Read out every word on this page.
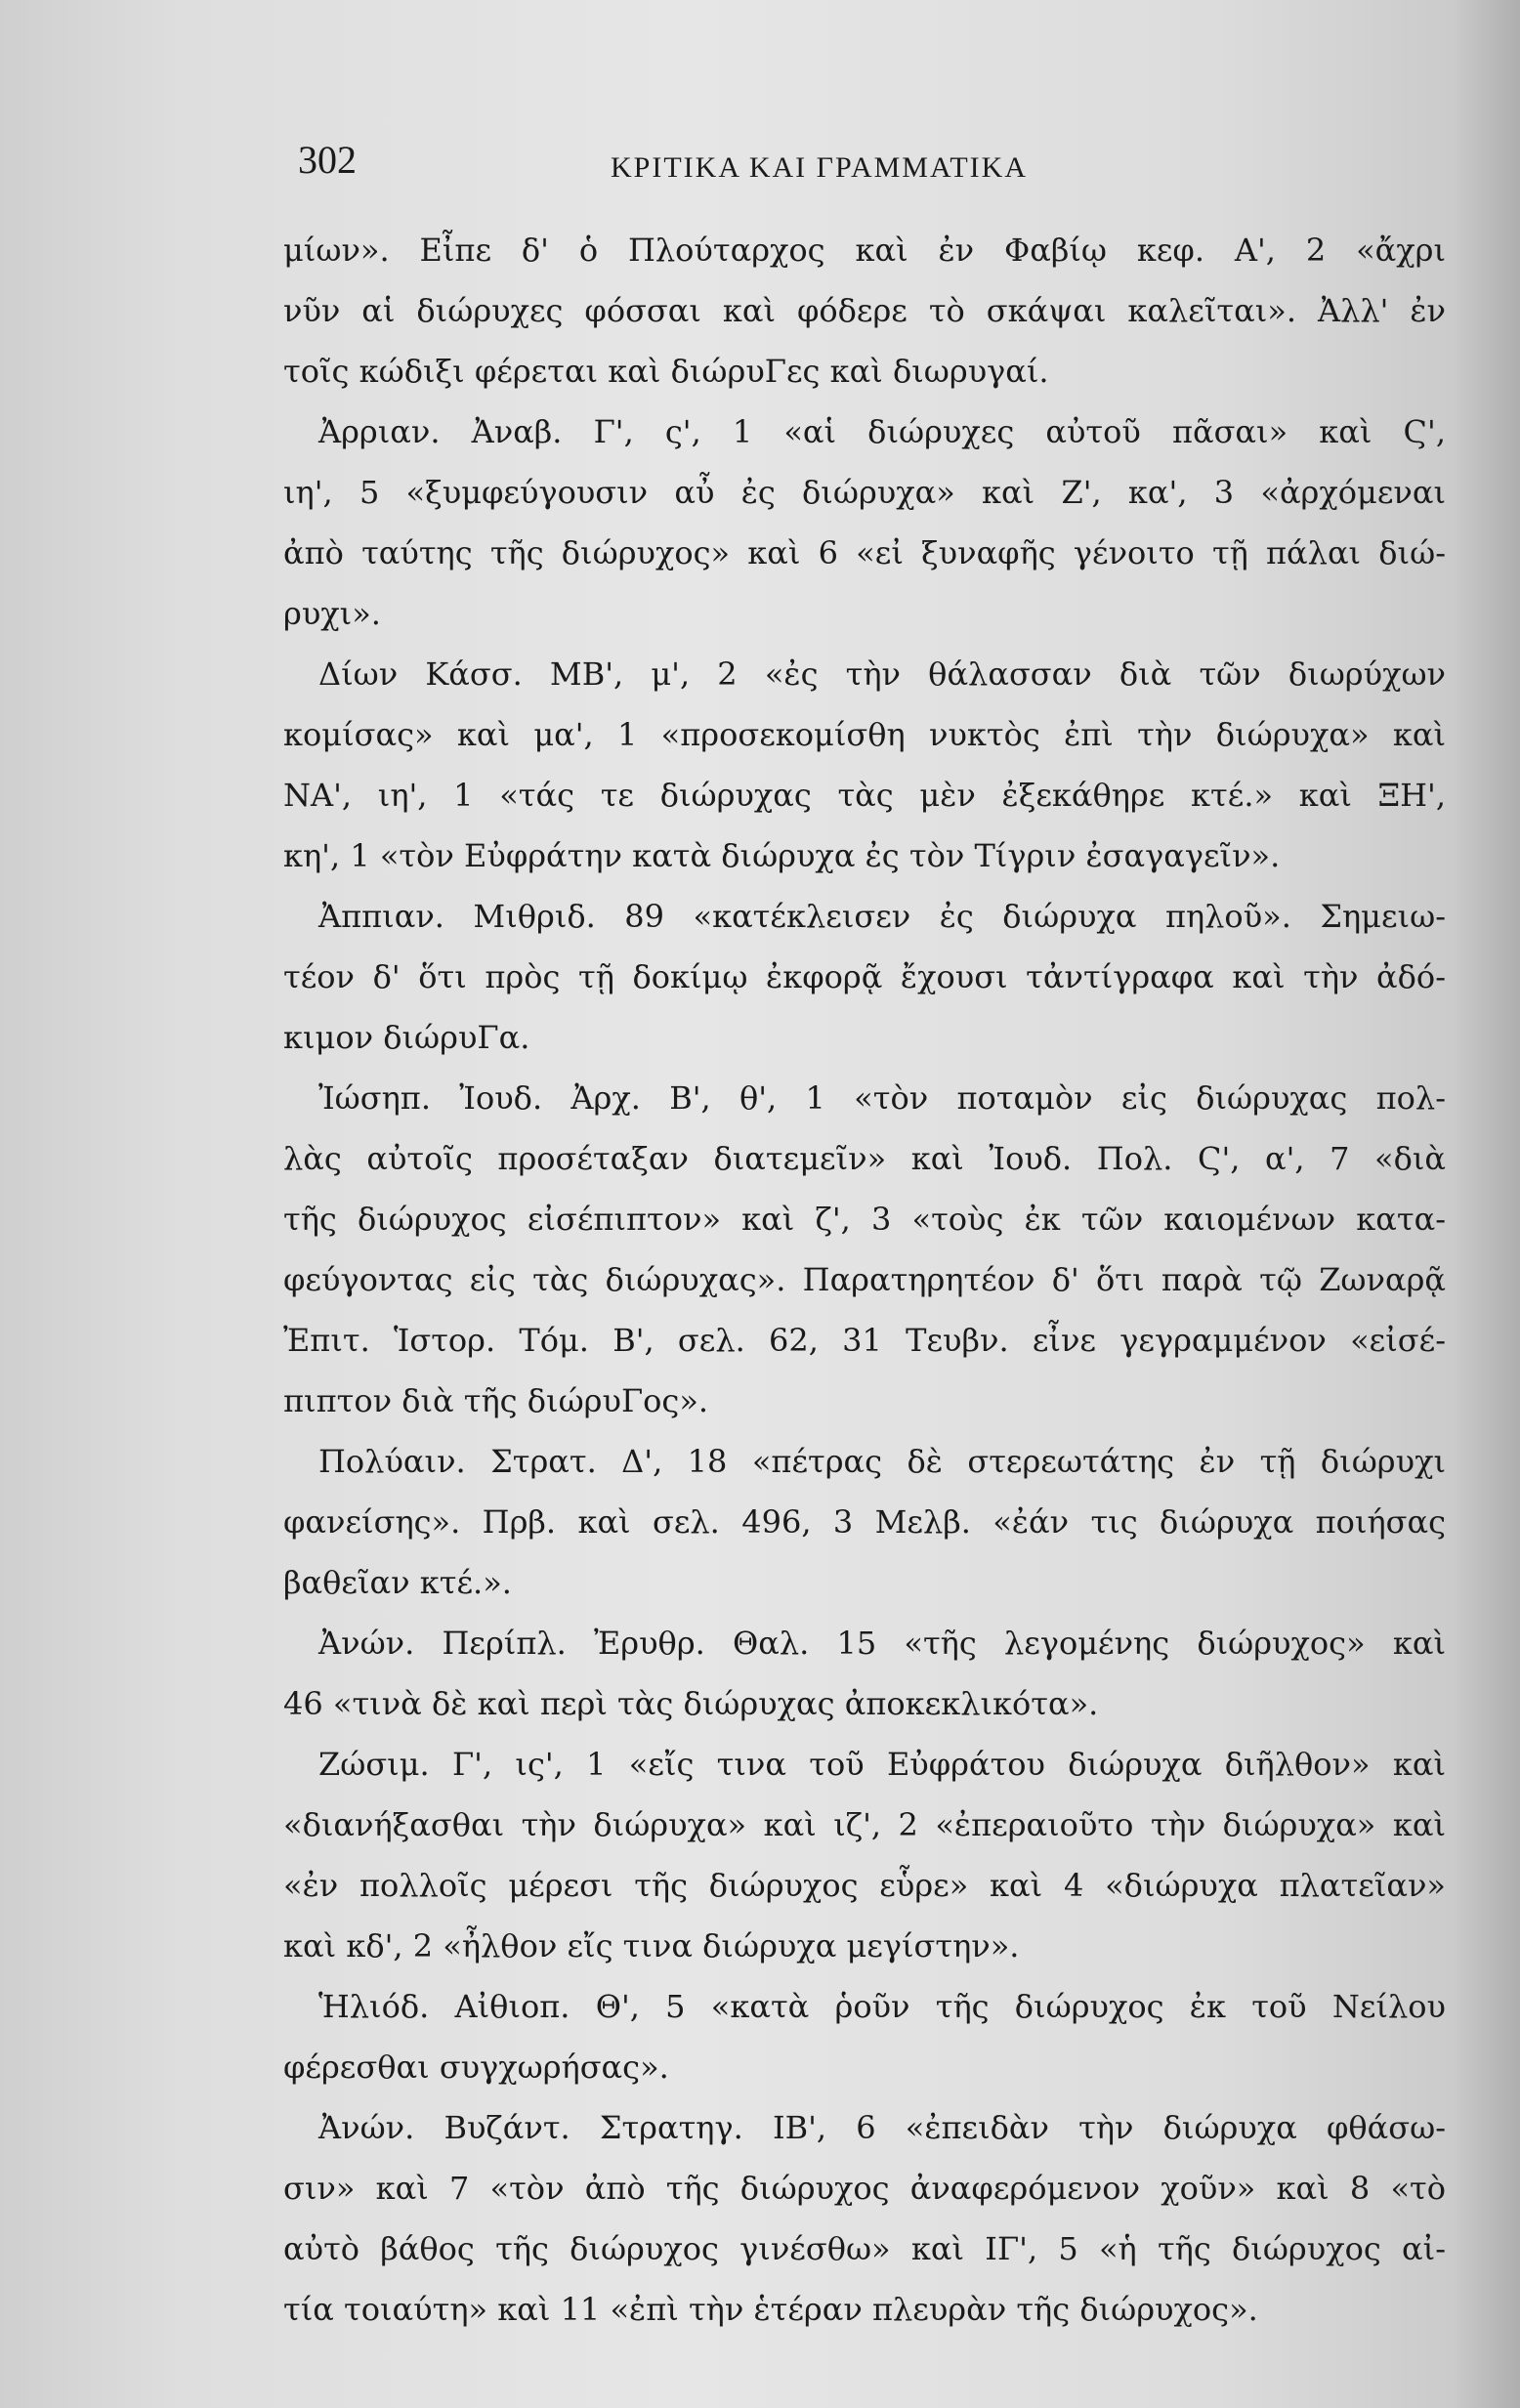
302	ΚΡΙΤΙΚΑ ΚΑΙ ΓΡΑΜΜΑΤΙΚΑ
μίων». Εἶπε δ' ὁ Πλούταρχος καὶ ἐν Φαβίῳ κεφ. Α', 2 «ἄχρι
νῦν αἱ διώρυχες φόσσαι καὶ φόδερε τὸ σκάψαι καλεῖται». Ἀλλ' ἐν
τοῖς κώδιξι φέρεται καὶ διώρυΓες καὶ διωρυγαί.
Ἀρριαν. Ἀναβ. Γ', ς', 1 «αἱ διώρυχες αὐτοῦ πᾶσαι» καὶ Ϛ',
ιη', 5 «ξυμφεύγουσιν αὖ ἐς διώρυχα» καὶ Ζ', κα', 3 «ἀρχόμεναι
ἀπὸ ταύτης τῆς διώρυχος» καὶ 6 «εἰ ξυναφῆς γένοιτο τῇ πάλαι διώ-
ρυχι».
Δίων Κάσσ. ΜΒ', μ', 2 «ἐς τὴν θάλασσαν διὰ τῶν διωρύχων
κομίσας» καὶ μα', 1 «προσεκομίσθη νυκτὸς ἐπὶ τὴν διώρυχα» καὶ
ΝΑ', ιη', 1 «τάς τε διώρυχας τὰς μὲν ἐξεκάθηρε κτέ.» καὶ ΞΗ',
κη', 1 «τὸν Εὐφράτην κατὰ διώρυχα ἐς τὸν Τίγριν ἐσαγαγεῖν».
Ἀππιαν. Μιθριδ. 89 «κατέκλεισεν ἐς διώρυχα πηλοῦ». Σημειω-
τέον δ' ὅτι πρὸς τῇ δοκίμῳ ἐκφορᾷ ἔχουσι τἀντίγραφα καὶ τὴν ἀδό-
κιμον διώρυΓα.
Ἰώσηπ. Ἰουδ. Ἀρχ. Β', θ', 1 «τὸν ποταμὸν εἰς διώρυχας πολ-
λὰς αὐτοῖς προσέταξαν διατεμεῖν» καὶ Ἰουδ. Πολ. Ϛ', α', 7 «διὰ
τῆς διώρυχος εἰσέπιπτον» καὶ ζ', 3 «τοὺς ἐκ τῶν καιομένων κατα-
φεύγοντας εἰς τὰς διώρυχας». Παρατηρητέον δ' ὅτι παρὰ τῷ Ζωναρᾷ
Ἐπιτ. Ἱστορ. Τόμ. Β', σελ. 62, 31 Τευβν. εἶνε γεγραμμένον «εἰσέ-
πιπτον διὰ τῆς διώρυΓος».
Πολύαιν. Στρατ. Δ', 18 «πέτρας δὲ στερεωτάτης ἐν τῇ διώρυχι
φανείσης». Πρβ. καὶ σελ. 496, 3 Μελβ. «ἐάν τις διώρυχα ποιήσας
βαθεῖαν κτέ.».
Ἀνών. Περίπλ. Ἐρυθρ. Θαλ. 15 «τῆς λεγομένης διώρυχος» καὶ
46 «τινὰ δὲ καὶ περὶ τὰς διώρυχας ἀποκεκλικότα».
Ζώσιμ. Γ', ις', 1 «εἴς τινα τοῦ Εὐφράτου διώρυχα διῆλθον» καὶ
«διανήξασθαι τὴν διώρυχα» καὶ ιζ', 2 «ἐπεραιοῦτο τὴν διώρυχα» καὶ
«ἐν πολλοῖς μέρεσι τῆς διώρυχος εὗρε» καὶ 4 «διώρυχα πλατεῖαν»
καὶ κδ', 2 «ἦλθον εἴς τινα διώρυχα μεγίστην».
Ἡλιόδ. Αἰθιοπ. Θ', 5 «κατὰ ῥοῦν τῆς διώρυχος ἐκ τοῦ Νείλου
φέρεσθαι συγχωρήσας».
Ἀνών. Βυζάντ. Στρατηγ. ΙΒ', 6 «ἐπειδὰν τὴν διώρυχα φθάσω-
σιν» καὶ 7 «τὸν ἀπὸ τῆς διώρυχος ἀναφερόμενον χοῦν» καὶ 8 «τὸ
αὐτὸ βάθος τῆς διώρυχος γινέσθω» καὶ ΙΓ', 5 «ἡ τῆς διώρυχος αἰ-
τία τοιαύτη» καὶ 11 «ἐπὶ τὴν ἑτέραν πλευρὰν τῆς διώρυχος».
